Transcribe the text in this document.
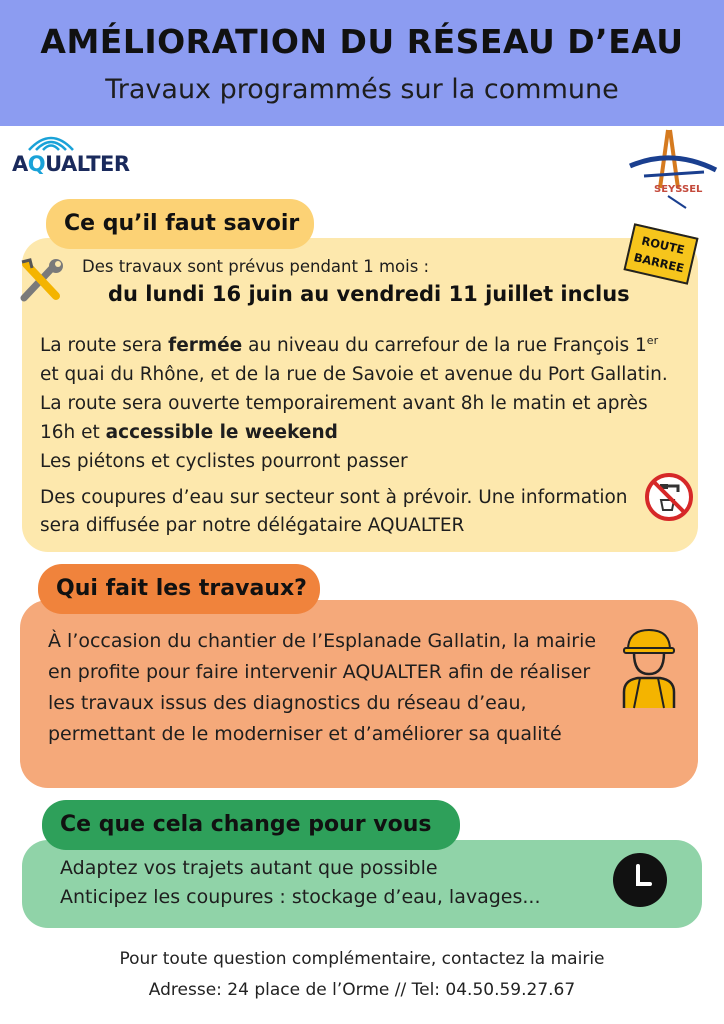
AMÉLIORATION DU RÉSEAU D’EAU
Travaux programmés sur la commune
AQUALTER
SEYSSEL
Ce qu’il faut savoir
ROUTE
BARREE
Des travaux sont prévus pendant 1 mois :
du lundi 16 juin au vendredi 11 juillet inclus
La route sera fermée au niveau du carrefour de la rue François 1er et quai du Rhône, et de la rue de Savoie et avenue du Port Gallatin. La route sera ouverte temporairement avant 8h le matin et après 16h et accessible le weekend
Les piétons et cyclistes pourront passer
Des coupures d’eau sur secteur sont à prévoir. Une information sera diffusée par notre délégataire AQUALTER
Qui fait les travaux?
À l’occasion du chantier de l’Esplanade Gallatin, la mairie en profite pour faire intervenir AQUALTER afin de réaliser les travaux issus des diagnostics du réseau d’eau, permettant de le moderniser et d’améliorer sa qualité
Ce que cela change pour vous
Adaptez vos trajets autant que possible
Anticipez les coupures : stockage d’eau, lavages...
Pour toute question complémentaire, contactez la mairie
Adresse: 24 place de l’Orme // Tel: 04.50.59.27.67
